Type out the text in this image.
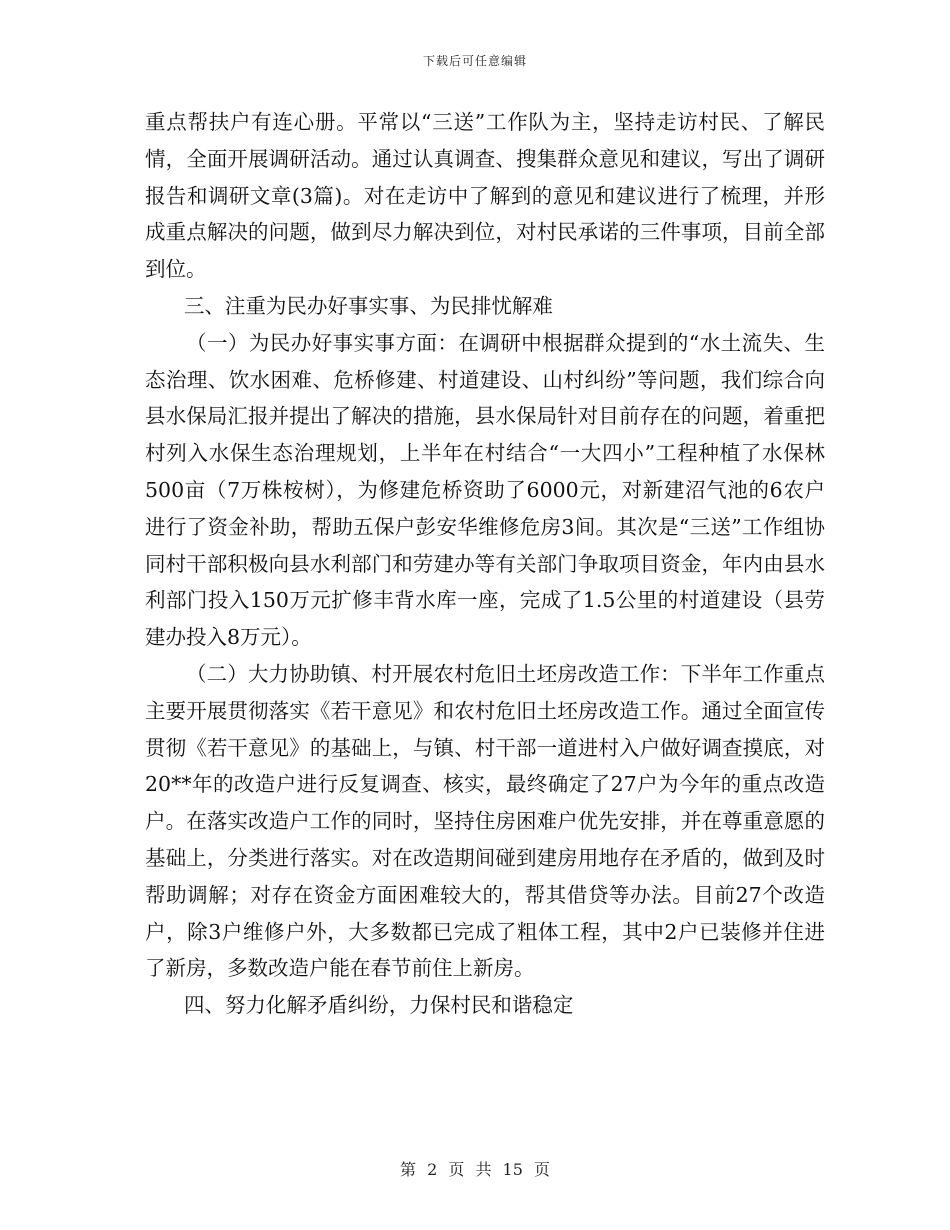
下载后可任意编辑

重点帮扶户有连心册。平常以“三送”工作队为主，坚持走访村民、了解民情，全面开展调研活动。通过认真调查、搜集群众意见和建议，写出了调研报告和调研文章(3篇)。对在走访中了解到的意见和建议进行了梳理，并形成重点解决的问题，做到尽力解决到位，对村民承诺的三件事项，目前全部到位。

三、注重为民办好事实事、为民排忧解难

（一）为民办好事实事方面：在调研中根据群众提到的“水土流失、生态治理、饮水困难、危桥修建、村道建设、山村纠纷”等问题，我们综合向县水保局汇报并提出了解决的措施，县水保局针对目前存在的问题，着重把村列入水保生态治理规划，上半年在村结合“一大四小”工程种植了水保林500亩（7万株桉树），为修建危桥资助了6000元，对新建沼气池的6农户进行了资金补助，帮助五保户彭安华维修危房3间。其次是“三送”工作组协同村干部积极向县水利部门和劳建办等有关部门争取项目资金，年内由县水利部门投入150万元扩修丰背水库一座，完成了1.5公里的村道建设（县劳建办投入8万元）。

（二）大力协助镇、村开展农村危旧土坯房改造工作：下半年工作重点主要开展贯彻落实《若干意见》和农村危旧土坯房改造工作。通过全面宣传贯彻《若干意见》的基础上，与镇、村干部一道进村入户做好调查摸底，对20**年的改造户进行反复调查、核实，最终确定了27户为今年的重点改造户。在落实改造户工作的同时，坚持住房困难户优先安排，并在尊重意愿的基础上，分类进行落实。对在改造期间碰到建房用地存在矛盾的，做到及时帮助调解；对存在资金方面困难较大的，帮其借贷等办法。目前27个改造户，除3户维修户外，大多数都已完成了粗体工程，其中2户已装修并住进了新房，多数改造户能在春节前住上新房。

四、努力化解矛盾纠纷，力保村民和谐稳定

第 2 页 共 15 页
